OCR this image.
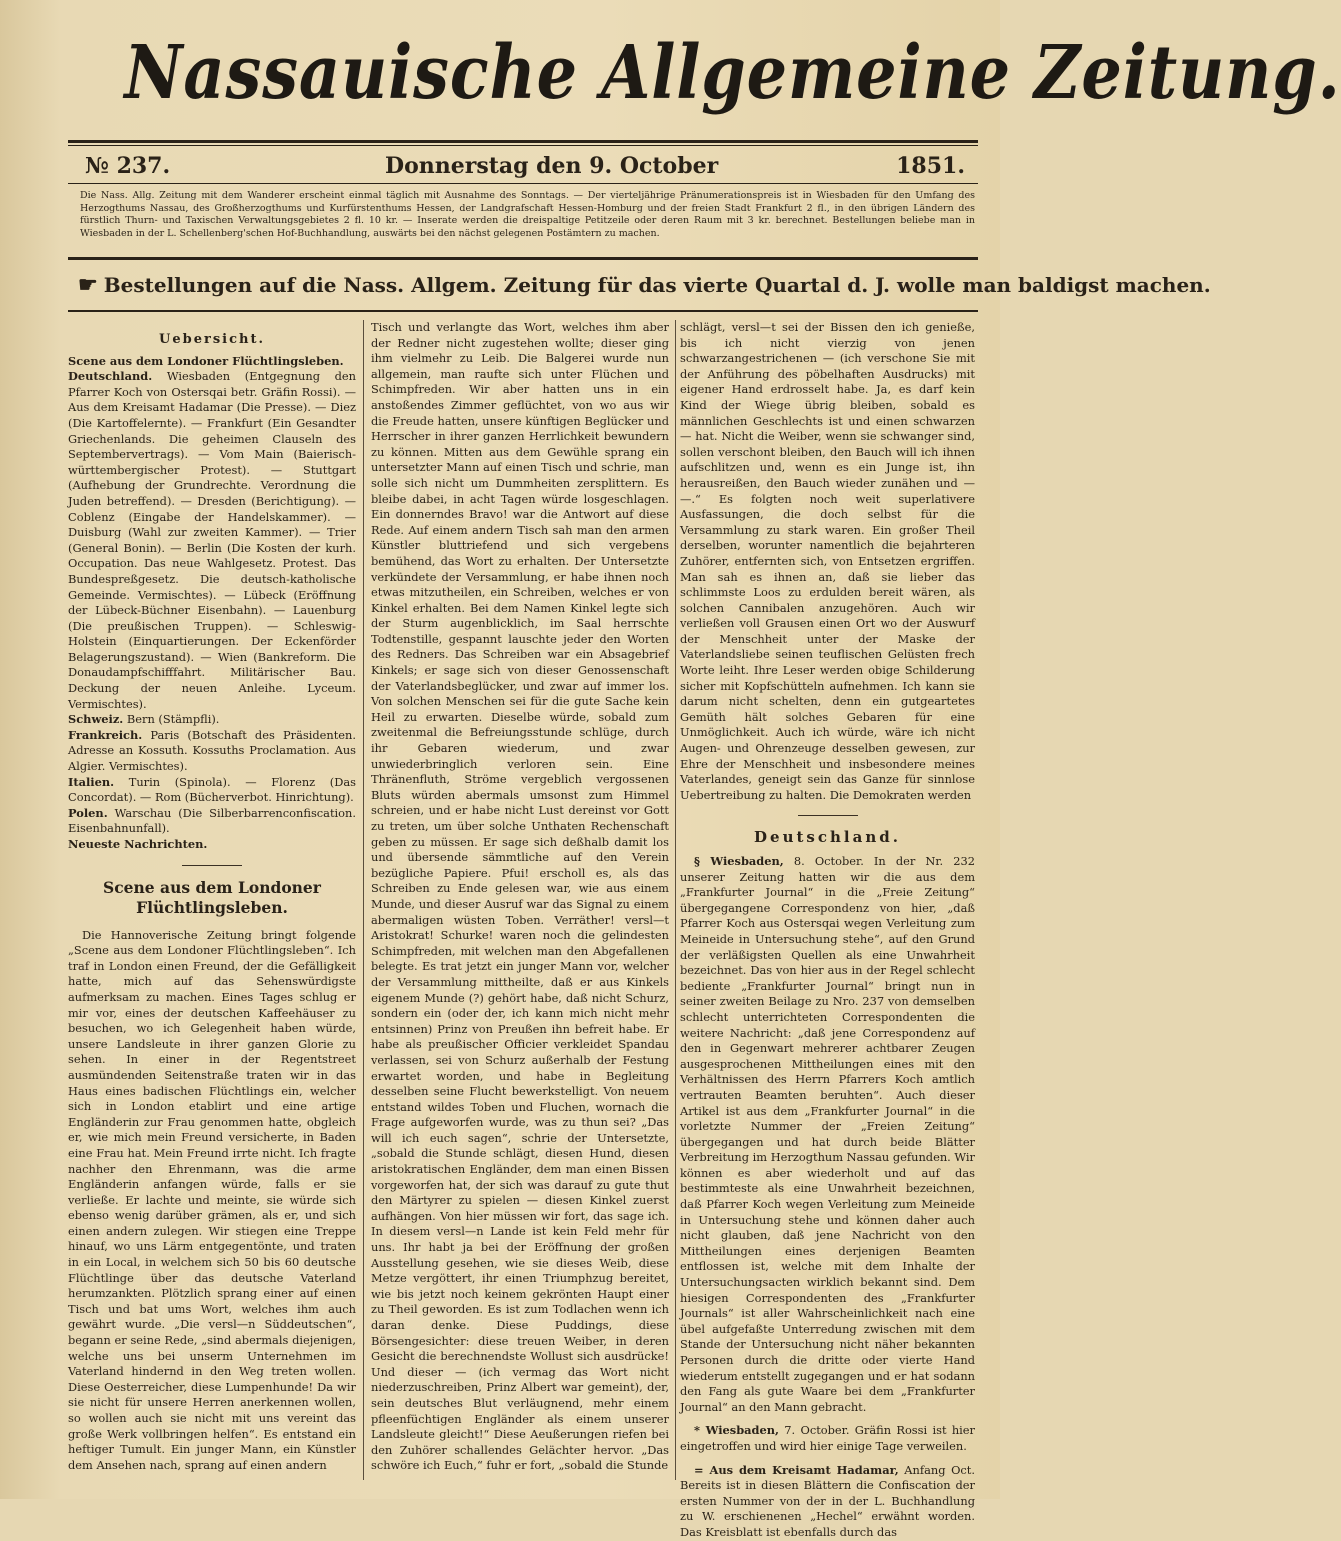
Nassauische Allgemeine Zeitung.
№ 237.	Donnerstag den 9. October	1851.
Die Nass. Allg. Zeitung mit dem Wanderer erscheint einmal täglich mit Ausnahme des Sonntags. — Der vierteljährige Pränumerationspreis ist in Wiesbaden für den Umfang des Herzogthums Nassau, des Großherzogthums und Kurfürstenthums Hessen, der Landgrafschaft Hessen-Homburg und der freien Stadt Frankfurt 2 fl., in den übrigen Ländern des fürstlich Thurn- und Taxischen Verwaltungsgebietes 2 fl. 10 kr. — Inserate werden die dreispaltige Petitzeile oder deren Raum mit 3 kr. berechnet. Bestellungen beliebe man in Wiesbaden in der L. Schellenberg'schen Hof-Buchhandlung, auswärts bei den nächst gelegenen Postämtern zu machen.
☛ Bestellungen auf die Nass. Allgem. Zeitung für das vierte Quartal d. J. wolle man baldigst machen.
Uebersicht.

Scene aus dem Londoner Flüchtlingsleben.

Deutschland. Wiesbaden (Entgegnung den Pfarrer Koch von Ostersqai betr. Gräfin Rossi). — Aus dem Kreisamt Hadamar (Die Presse). — Diez (Die Kartoffelernte). — Frankfurt (Ein Gesandter Griechenlands. Die geheimen Clauseln des Septembervertrags). — Vom Main (Baierisch-württembergischer Protest). — Stuttgart (Aufhebung der Grundrechte. Verordnung die Juden betreffend). — Dresden (Berichtigung). — Coblenz (Eingabe der Handelskammer). — Duisburg (Wahl zur zweiten Kammer). — Trier (General Bonin). — Berlin (Die Kosten der kurh. Occupation. Das neue Wahlgesetz. Protest. Das Bundespreßgesetz. Die deutsch-katholische Gemeinde. Vermischtes). — Lübeck (Eröffnung der Lübeck-Büchner Eisenbahn). — Lauenburg (Die preußischen Truppen). — Schleswig-Holstein (Einquartierungen. Der Eckenförder Belagerungszustand). — Wien (Bankreform. Die Donaudampfschifffahrt. Militärischer Bau. Deckung der neuen Anleihe. Lyceum. Vermischtes).

Schweiz. Bern (Stämpfli).

Frankreich. Paris (Botschaft des Präsidenten. Adresse an Kossuth. Kossuths Proclamation. Aus Algier. Vermischtes).

Italien. Turin (Spinola). — Florenz (Das Concordat). — Rom (Bücherverbot. Hinrichtung).

Polen. Warschau (Die Silberbarrenconfiscation. Eisenbahnunfall).

Neueste Nachrichten.

Scene aus dem Londoner Flüchtlingsleben.

Die Hannoverische Zeitung bringt folgende „Scene aus dem Londoner Flüchtlingsleben“. Ich traf in London einen Freund, der die Gefälligkeit hatte, mich auf das Sehenswürdigste aufmerksam zu machen. Eines Tages schlug er mir vor, eines der deutschen Kaffeehäuser zu besuchen, wo ich Gelegenheit haben würde, unsere Landsleute in ihrer ganzen Glorie zu sehen. In einer in der Regentstreet ausmündenden Seitenstraße traten wir in das Haus eines badischen Flüchtlings ein, welcher sich in London etablirt und eine artige Engländerin zur Frau genommen hatte, obgleich er, wie mich mein Freund versicherte, in Baden eine Frau hat. Mein Freund irrte nicht. Ich fragte nachher den Ehrenmann, was die arme Engländerin anfangen würde, falls er sie verließe. Er lachte und meinte, sie würde sich ebenso wenig darüber grämen, als er, und sich einen andern zulegen. Wir stiegen eine Treppe hinauf, wo uns Lärm entgegentönte, und traten in ein Local, in welchem sich 50 bis 60 deutsche Flüchtlinge über das deutsche Vaterland herumzankten. Plötzlich sprang einer auf einen Tisch und bat ums Wort, welches ihm auch gewährt wurde. „Die versl—n Süddeutschen“, begann er seine Rede, „sind abermals diejenigen, welche uns bei unserm Unternehmen im Vaterland hindernd in den Weg treten wollen. Diese Oesterreicher, diese Lumpenhunde! Da wir sie nicht für unsere Herren anerkennen wollen, so wollen auch sie nicht mit uns vereint das große Werk vollbringen helfen“. Es entstand ein heftiger Tumult. Ein junger Mann, ein Künstler dem Ansehen nach, sprang auf einen andern

Tisch und verlangte das Wort, welches ihm aber der Redner nicht zugestehen wollte; dieser ging ihm vielmehr zu Leib. Die Balgerei wurde nun allgemein, man raufte sich unter Flüchen und Schimpfreden. Wir aber hatten uns in ein anstoßendes Zimmer geflüchtet, von wo aus wir die Freude hatten, unsere künftigen Beglücker und Herrscher in ihrer ganzen Herrlichkeit bewundern zu können. Mitten aus dem Gewühle sprang ein untersetzter Mann auf einen Tisch und schrie, man solle sich nicht um Dummheiten zersplittern. Es bleibe dabei, in acht Tagen würde losgeschlagen. Ein donnerndes Bravo! war die Antwort auf diese Rede. Auf einem andern Tisch sah man den armen Künstler bluttriefend und sich vergebens bemühend, das Wort zu erhalten. Der Untersetzte verkündete der Versammlung, er habe ihnen noch etwas mitzutheilen, ein Schreiben, welches er von Kinkel erhalten. Bei dem Namen Kinkel legte sich der Sturm augenblicklich, im Saal herrschte Todtenstille, gespannt lauschte jeder den Worten des Redners. Das Schreiben war ein Absagebrief Kinkels; er sage sich von dieser Genossenschaft der Vaterlandsbeglücker, und zwar auf immer los. Von solchen Menschen sei für die gute Sache kein Heil zu erwarten. Dieselbe würde, sobald zum zweitenmal die Befreiungsstunde schlüge, durch ihr Gebaren wiederum, und zwar unwiederbringlich verloren sein. Eine Thränenfluth, Ströme vergeblich vergossenen Bluts würden abermals umsonst zum Himmel schreien, und er habe nicht Lust dereinst vor Gott zu treten, um über solche Unthaten Rechenschaft geben zu müssen. Er sage sich deßhalb damit los und übersende sämmtliche auf den Verein bezügliche Papiere. Pfui! erscholl es, als das Schreiben zu Ende gelesen war, wie aus einem Munde, und dieser Ausruf war das Signal zu einem abermaligen wüsten Toben. Verräther! versl—t Aristokrat! Schurke! waren noch die gelindesten Schimpfreden, mit welchen man den Abgefallenen belegte. Es trat jetzt ein junger Mann vor, welcher der Versammlung mittheilte, daß er aus Kinkels eigenem Munde (?) gehört habe, daß nicht Schurz, sondern ein (oder der, ich kann mich nicht mehr entsinnen) Prinz von Preußen ihn befreit habe. Er habe als preußischer Officier verkleidet Spandau verlassen, sei von Schurz außerhalb der Festung erwartet worden, und habe in Begleitung desselben seine Flucht bewerkstelligt. Von neuem entstand wildes Toben und Fluchen, wornach die Frage aufgeworfen wurde, was zu thun sei? „Das will ich euch sagen“, schrie der Untersetzte, „sobald die Stunde schlägt, diesen Hund, diesen aristokratischen Engländer, dem man einen Bissen vorgeworfen hat, der sich was darauf zu gute thut den Märtyrer zu spielen — diesen Kinkel zuerst aufhängen. Von hier müssen wir fort, das sage ich. In diesem versl—n Lande ist kein Feld mehr für uns. Ihr habt ja bei der Eröffnung der großen Ausstellung gesehen, wie sie dieses Weib, diese Metze vergöttert, ihr einen Triumphzug bereitet, wie bis jetzt noch keinem gekrönten Haupt einer zu Theil geworden. Es ist zum Todlachen wenn ich daran denke. Diese Puddings, diese Börsengesichter: diese treuen Weiber, in deren Gesicht die berechnendste Wollust sich ausdrücke! Und dieser — (ich vermag das Wort nicht niederzuschreiben, Prinz Albert war gemeint), der, sein deutsches Blut verläugnend, mehr einem pfleenfüchtigen Engländer als einem unserer Landsleute gleicht!“ Diese Aeußerungen riefen bei den Zuhörer schallendes Gelächter hervor. „Das schwöre ich Euch,“ fuhr er fort, „sobald die Stunde

schlägt, versl—t sei der Bissen den ich genieße, bis ich nicht vierzig von jenen schwarzangestrichenen — (ich verschone Sie mit der Anführung des pöbelhaften Ausdrucks) mit eigener Hand erdrosselt habe. Ja, es darf kein Kind der Wiege übrig bleiben, sobald es männlichen Geschlechts ist und einen schwarzen — hat. Nicht die Weiber, wenn sie schwanger sind, sollen verschont bleiben, den Bauch will ich ihnen aufschlitzen und, wenn es ein Junge ist, ihn herausreißen, den Bauch wieder zunähen und — —.“ Es folgten noch weit superlativere Ausfassungen, die doch selbst für die Versammlung zu stark waren. Ein großer Theil derselben, worunter namentlich die bejahrteren Zuhörer, entfernten sich, von Entsetzen ergriffen. Man sah es ihnen an, daß sie lieber das schlimmste Loos zu erdulden bereit wären, als solchen Cannibalen anzugehören. Auch wir verließen voll Grausen einen Ort wo der Auswurf der Menschheit unter der Maske der Vaterlandsliebe seinen teuflischen Gelüsten frech Worte leiht. Ihre Leser werden obige Schilderung sicher mit Kopfschütteln aufnehmen. Ich kann sie darum nicht schelten, denn ein gutgeartetes Gemüth hält solches Gebaren für eine Unmöglichkeit. Auch ich würde, wäre ich nicht Augen- und Ohrenzeuge desselben gewesen, zur Ehre der Menschheit und insbesondere meines Vaterlandes, geneigt sein das Ganze für sinnlose Uebertreibung zu halten. Die Demokraten werden

Deutschland.

§ Wiesbaden, 8. October. In der Nr. 232 unserer Zeitung hatten wir die aus dem „Frankfurter Journal“ in die „Freie Zeitung“ übergegangene Correspondenz von hier, „daß Pfarrer Koch aus Ostersqai wegen Verleitung zum Meineide in Untersuchung stehe“, auf den Grund der verläßigsten Quellen als eine Unwahrheit bezeichnet. Das von hier aus in der Regel schlecht bediente „Frankfurter Journal“ bringt nun in seiner zweiten Beilage zu Nro. 237 von demselben schlecht unterrichteten Correspondenten die weitere Nachricht: „daß jene Correspondenz auf den in Gegenwart mehrerer achtbarer Zeugen ausgesprochenen Mittheilungen eines mit den Verhältnissen des Herrn Pfarrers Koch amtlich vertrauten Beamten beruhten“. Auch dieser Artikel ist aus dem „Frankfurter Journal“ in die vorletzte Nummer der „Freien Zeitung“ übergegangen und hat durch beide Blätter Verbreitung im Herzogthum Nassau gefunden. Wir können es aber wiederholt und auf das bestimmteste als eine Unwahrheit bezeichnen, daß Pfarrer Koch wegen Verleitung zum Meineide in Untersuchung stehe und können daher auch nicht glauben, daß jene Nachricht von den Mittheilungen eines derjenigen Beamten entflossen ist, welche mit dem Inhalte der Untersuchungsacten wirklich bekannt sind. Dem hiesigen Correspondenten des „Frankfurter Journals“ ist aller Wahrscheinlichkeit nach eine übel aufgefaßte Unterredung zwischen mit dem Stande der Untersuchung nicht näher bekannten Personen durch die dritte oder vierte Hand wiederum entstellt zugegangen und er hat sodann den Fang als gute Waare bei dem „Frankfurter Journal“ an den Mann gebracht.

* Wiesbaden, 7. October. Gräfin Rossi ist hier eingetroffen und wird hier einige Tage verweilen.

= Aus dem Kreisamt Hadamar, Anfang Oct. Bereits ist in diesen Blättern die Confiscation der ersten Nummer von der in der L. Buchhandlung zu W. erschienenen „Hechel“ erwähnt worden. Das Kreisblatt ist ebenfalls durch das
